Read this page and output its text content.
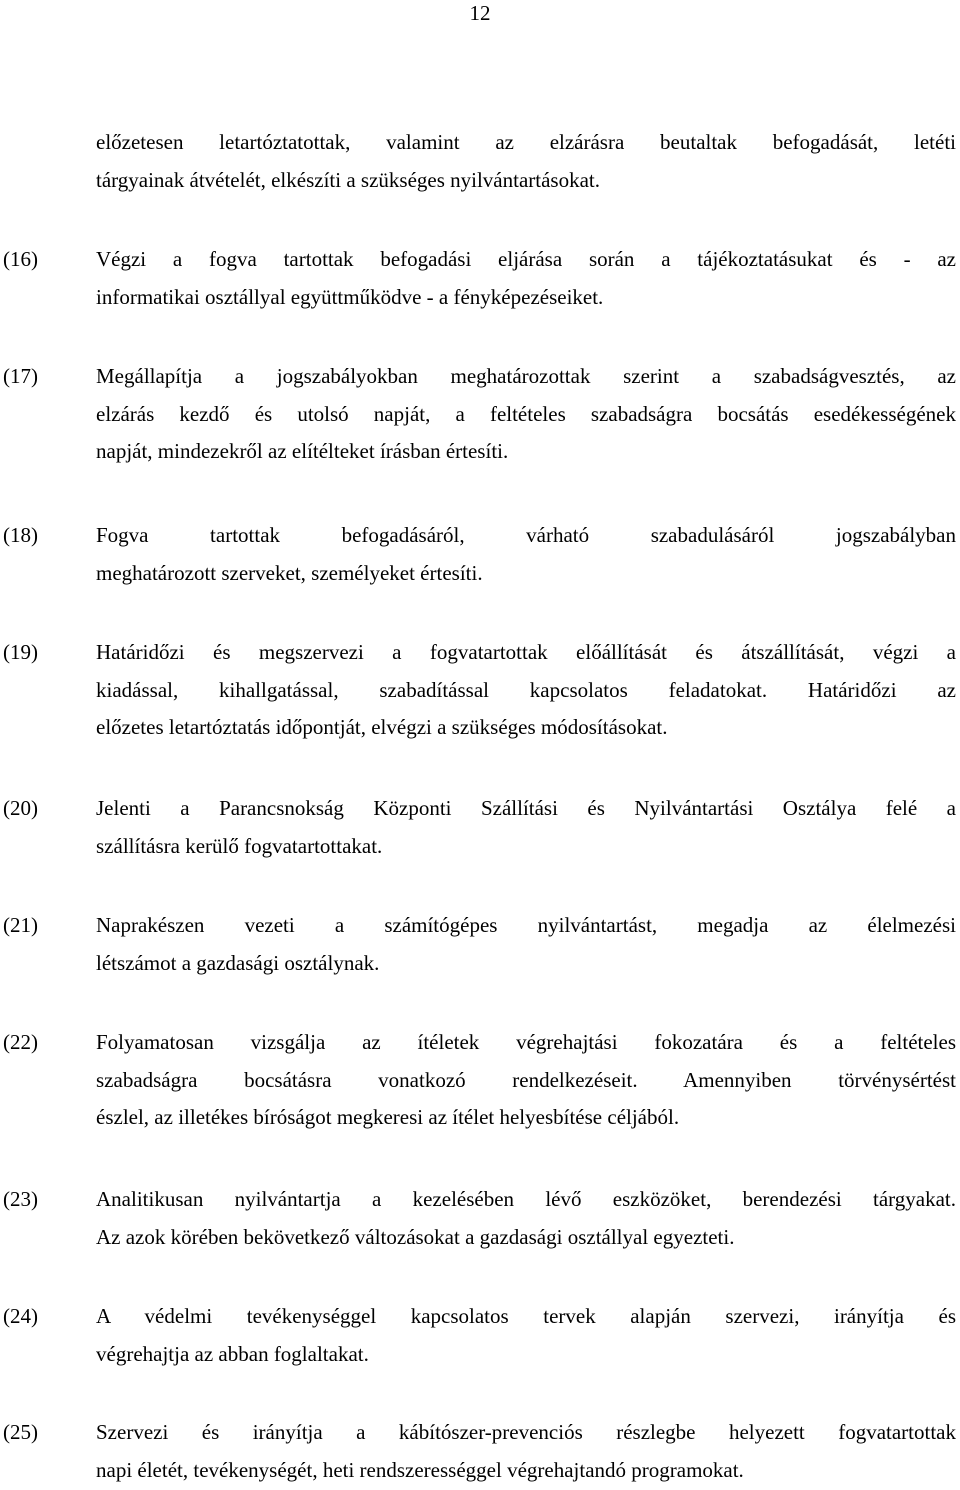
12
előzetesen letartóztatottak, valamint az elzárásra beutaltak befogadását, letéti
tárgyainak átvételét, elkészíti a szükséges nyilvántartásokat.
(16)	Végzi a fogva tartottak befogadási eljárása során a tájékoztatásukat és - az
informatikai osztállyal együttműködve - a fényképezéseiket.
(17)	Megállapítja a jogszabályokban meghatározottak szerint a szabadságvesztés, az
elzárás kezdő és utolsó napját, a feltételes szabadságra bocsátás esedékességének
napját, mindezekről az elítélteket írásban értesíti.
(18)	Fogva tartottak befogadásáról, várható szabadulásáról jogszabályban
meghatározott szerveket, személyeket értesíti.
(19)	Határidőzi és megszervezi a fogvatartottak előállítását és átszállítását, végzi a
kiadással, kihallgatással, szabadítással kapcsolatos feladatokat. Határidőzi az
előzetes letartóztatás időpontját, elvégzi a szükséges módosításokat.
(20)	Jelenti a Parancsnokság Központi Szállítási és Nyilvántartási Osztálya felé a
szállításra kerülő fogvatartottakat.
(21)	Naprakészen vezeti a számítógépes nyilvántartást, megadja az élelmezési
létszámot a gazdasági osztálynak.
(22)	Folyamatosan vizsgálja az ítéletek végrehajtási fokozatára és a feltételes
szabadságra bocsátásra vonatkozó rendelkezéseit. Amennyiben törvénysértést
észlel, az illetékes bíróságot megkeresi az ítélet helyesbítése céljából.
(23)	Analitikusan nyilvántartja a kezelésében lévő eszközöket, berendezési tárgyakat.
Az azok körében bekövetkező változásokat a gazdasági osztállyal egyezteti.
(24)	A védelmi tevékenységgel kapcsolatos tervek alapján szervezi, irányítja és
végrehajtja az abban foglaltakat.
(25)	Szervezi és irányítja a kábítószer-prevenciós részlegbe helyezett fogvatartottak
napi életét, tevékenységét, heti rendszerességgel végrehajtandó programokat.
